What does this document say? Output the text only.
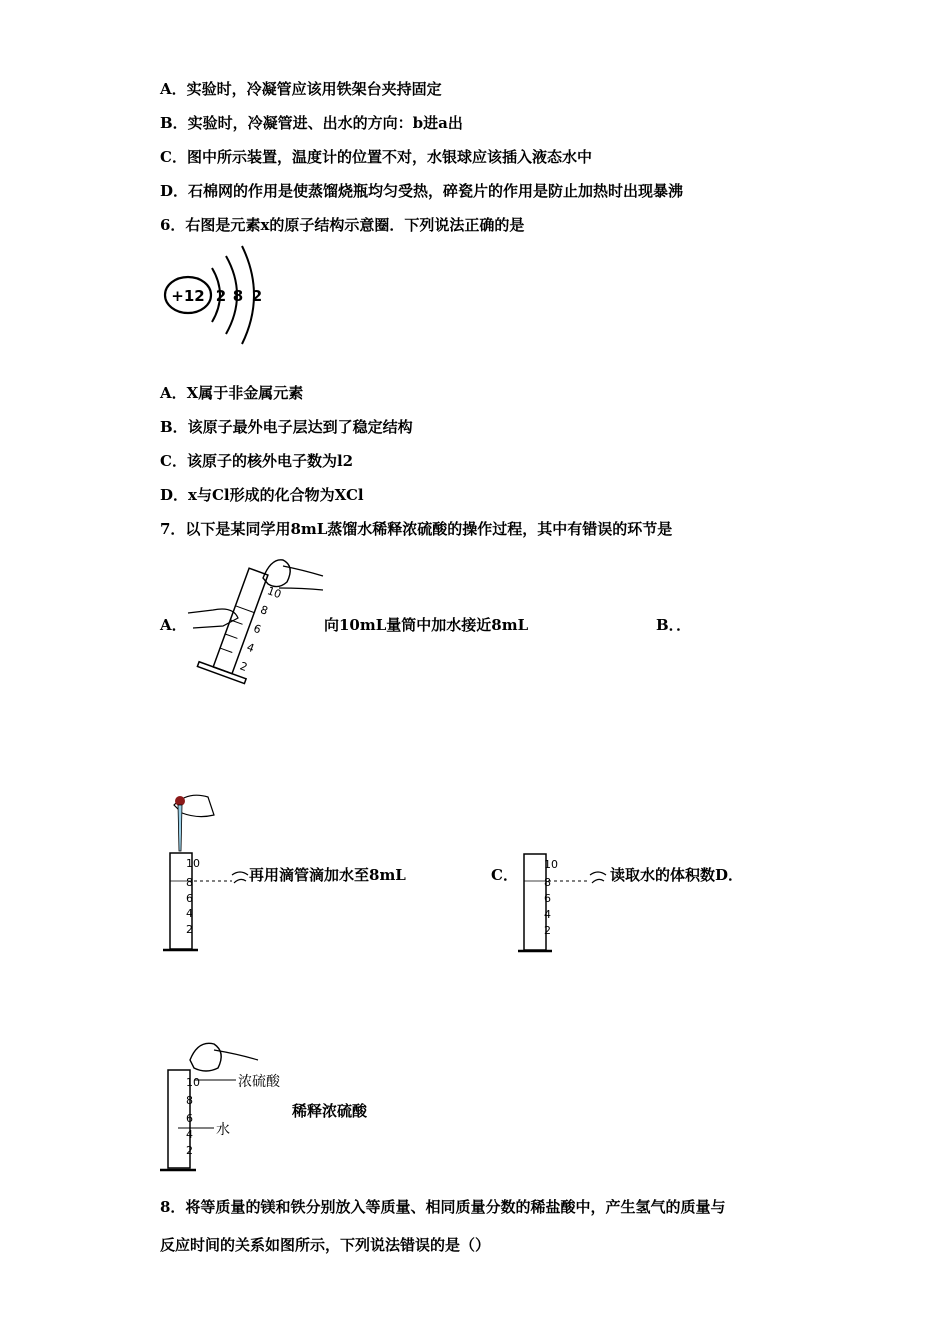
A．实验时，冷凝管应该用铁架台夹持固定
B．实验时，冷凝管进、出水的方向：b进a出
C．图中所示装置，温度计的位置不对，水银球应该插入液态水中
D．石棉网的作用是使蒸馏烧瓶均匀受热，碎瓷片的作用是防止加热时出现暴沸
6．右图是元素x的原子结构示意圈．下列说法正确的是
+12 2 8 2
A．X属于非金属元素
B．该原子最外电子层达到了稳定结构
C．该原子的核外电子数为l2
D．x与Cl形成的化合物为XCl
7．以下是某同学用8mL蒸馏水稀释浓硫酸的操作过程，其中有错误的环节是
A．
10
8
6
4
2
向10mL量筒中加水接近8mL	B．．
10
8
6
4
2
再用滴管滴加水至8mL	C．
10
8
6
4
2
读取水的体积数D．
10
8
6
4
2
浓硫酸
水
稀释浓硫酸
8．将等质量的镁和铁分别放入等质量、相同质量分数的稀盐酸中，产生氢气的质量与
反应时间的关系如图所示，下列说法错误的是（）
